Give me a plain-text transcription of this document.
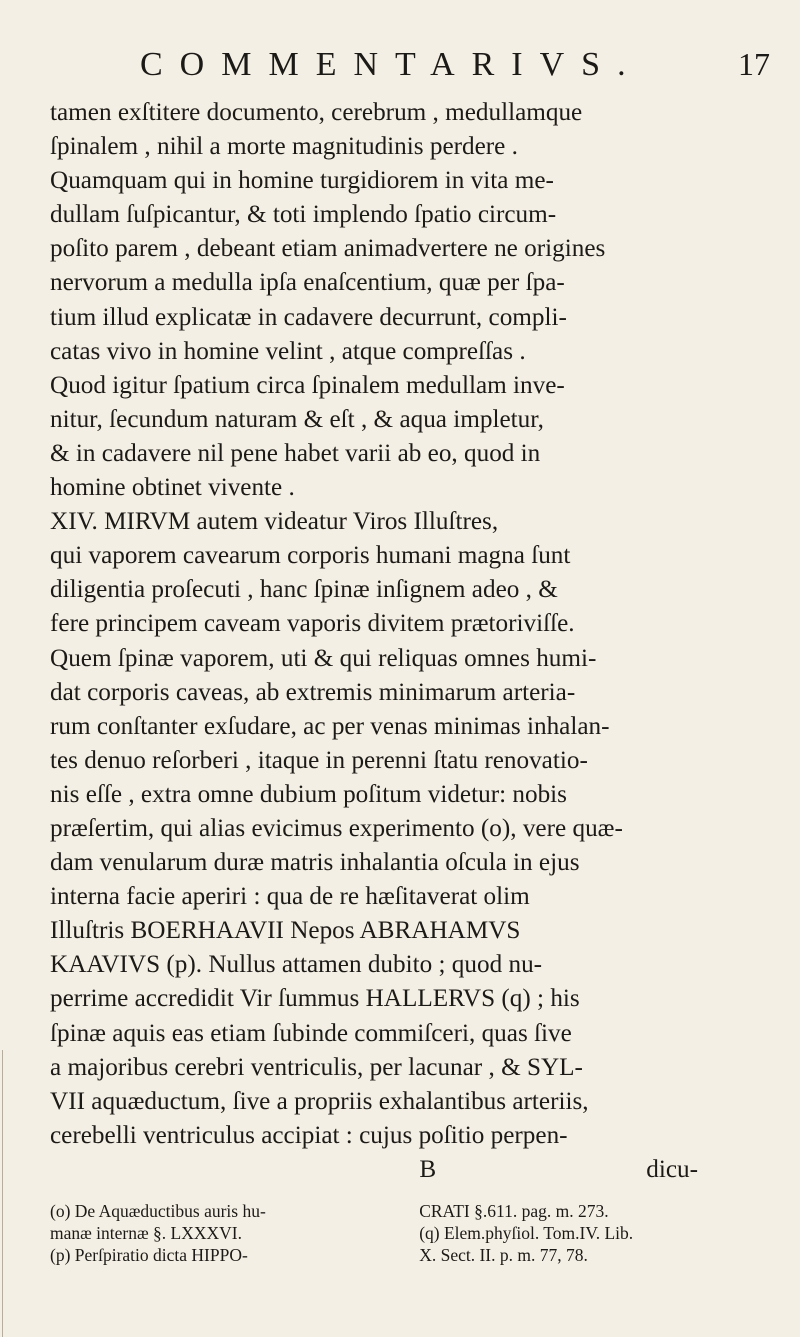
COMMENTARIVS.	17
tamen exſtitere documento, cerebrum , medullamque
ſpinalem , nihil a morte magnitudinis perdere .
Quamquam qui in homine turgidiorem in vita me-
dullam ſuſpicantur, & toti implendo ſpatio circum-
poſito parem , debeant etiam animadvertere ne origines
nervorum a medulla ipſa enaſcentium, quæ per ſpa-
tium illud explicatæ in cadavere decurrunt, compli-
catas vivo in homine velint , atque compreſſas .
Quod igitur ſpatium circa ſpinalem medullam inve-
nitur, ſecundum naturam & eſt , & aqua impletur,
& in cadavere nil pene habet varii ab eo, quod in
homine obtinet vivente .
XIV. MIRVM autem videatur Viros Illuſtres,
qui vaporem cavearum corporis humani magna ſunt
diligentia proſecuti , hanc ſpinæ inſignem adeo , &
fere principem caveam vaporis divitem prætoriviſſe.
Quem ſpinæ vaporem, uti & qui reliquas omnes humi-
dat corporis caveas, ab extremis minimarum arteria-
rum conſtanter exſudare, ac per venas minimas inhalan-
tes denuo reſorberi , itaque in perenni ſtatu renovatio-
nis eſſe , extra omne dubium poſitum videtur: nobis
præſertim, qui alias evicimus experimento (o), vere quæ-
dam venularum duræ matris inhalantia oſcula in ejus
interna facie aperiri : qua de re hæſitaverat olim
Illuſtris BOERHAAVII Nepos ABRAHAMVS
KAAVIVS (p). Nullus attamen dubito ; quod nu-
perrime accredidit Vir ſummus HALLERVS (q) ; his
ſpinæ aquis eas etiam ſubinde commiſceri, quas ſive
a majoribus cerebri ventriculis, per lacunar , & SYL-
VII aquæductum, ſive a propriis exhalantibus arteriis,
cerebelli ventriculus accipiat : cujus poſitio perpen-
B	dicu-
(o) De Aquæductibus auris hu-
manæ internæ §. LXXXVI.
(p) Perſpiratio dicta HIPPO-
CRATI §.611. pag. m. 273.
(q) Elem.phyſiol. Tom.IV. Lib.
X. Sect. II. p. m. 77, 78.
